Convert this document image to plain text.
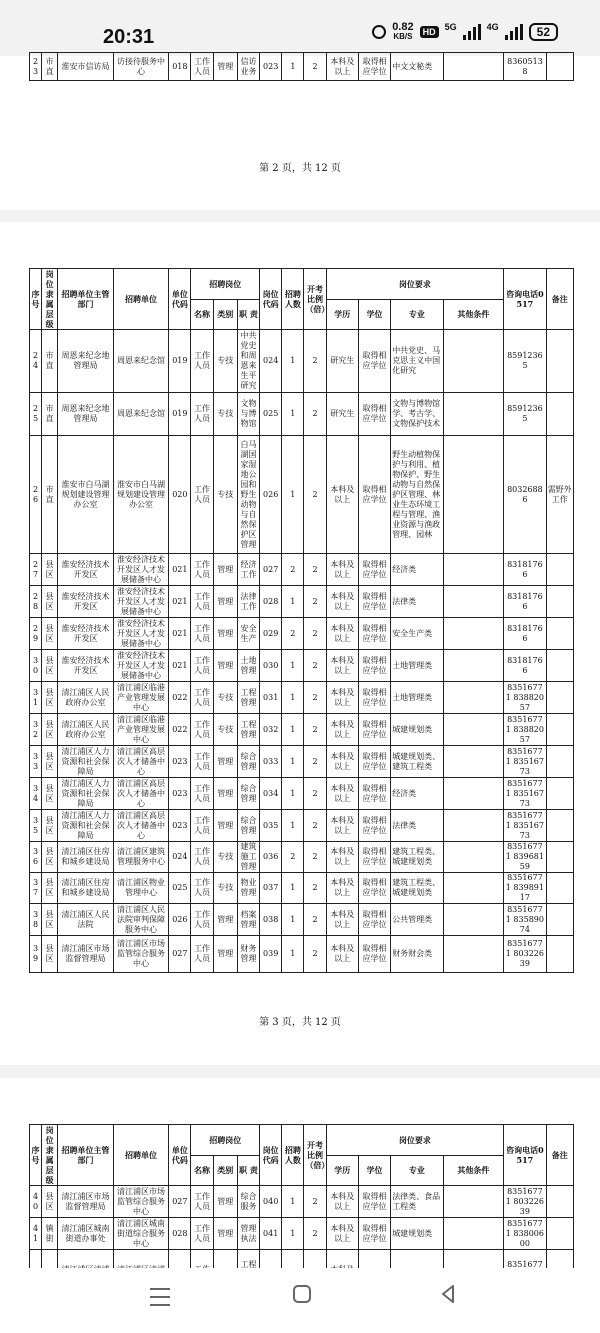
20:31	0.82
KB/S	HD	5G	4G	52
23	市直	淮安市信访局	访接待服务中心	018	工作人员	管理	信访业务	023	1	2	本科及以上	取得相应学位	中文文秘类		83605138	
第 2 页，共 12 页
序号	岗位隶属层级	招聘单位主管部门	招聘单位	单位代码	招聘岗位			岗位代码	招聘人数	开考比例（倍）	岗位要求				咨询电话0517	备注
					名称	类别	职 责				学历	学位	专业	其他条件		
24	市直	周恩来纪念地管理局	周恩来纪念馆	019	工作人员	专技	中共党史和周恩来生平研究	024	1	2	研究生	取得相应学位	中共党史、马克思主义中国化研究		85912365	
25	市直	周恩来纪念地管理局	周恩来纪念馆	019	工作人员	专技	文物与博物馆	025	1	2	研究生	取得相应学位	文物与博物馆学、考古学、文物保护技术		85912365	
26	市直	淮安市白马湖规划建设管理办公室	淮安市白马湖规划建设管理办公室	020	工作人员	专技	白马湖国家湿地公园和野生动物与自然保护区管理	026	1	2	本科及以上	取得相应学位	野生动植物保护与利用、植物保护、野生动物与自然保护区管理、林业生态环境工程与管理、渔业资源与渔政管理、园林		80326886	需野外工作
27	县区	淮安经济技术开发区	淮安经济技术开发区人才发展储备中心	021	工作人员	管理	经济工作	027	2	2	本科及以上	取得相应学位	经济类		83181766	
28	县区	淮安经济技术开发区	淮安经济技术开发区人才发展储备中心	021	工作人员	管理	法律工作	028	1	2	本科及以上	取得相应学位	法律类		83181766	
29	县区	淮安经济技术开发区	淮安经济技术开发区人才发展储备中心	021	工作人员	管理	安全生产	029	2	2	本科及以上	取得相应学位	安全生产类		83181766	
30	县区	淮安经济技术开发区	淮安经济技术开发区人才发展储备中心	021	工作人员	管理	土地管理	030	1	2	本科及以上	取得相应学位	土地管理类		83181766	
31	县区	清江浦区人民政府办公室	清江浦区临港产业管理发展中心	022	工作人员	专技	工程管理	031	1	2	本科及以上	取得相应学位	土地管理类		83516771 83882057	
32	县区	清江浦区人民政府办公室	清江浦区临港产业管理发展中心	022	工作人员	专技	工程管理	032	1	2	本科及以上	取得相应学位	城建规划类		83516771 83882057	
33	县区	清江浦区人力资源和社会保障局	清江浦区高层次人才储备中心	023	工作人员	管理	综合管理	033	1	2	本科及以上	取得相应学位	城建规划类、建筑工程类		83516771 83516773	
34	县区	清江浦区人力资源和社会保障局	清江浦区高层次人才储备中心	023	工作人员	管理	综合管理	034	1	2	本科及以上	取得相应学位	经济类		83516771 83516773	
35	县区	清江浦区人力资源和社会保障局	清江浦区高层次人才储备中心	023	工作人员	管理	综合管理	035	1	2	本科及以上	取得相应学位	法律类		83516771 83516773	
36	县区	清江浦区住房和城乡建设局	清江浦区建筑管理服务中心	024	工作人员	专技	建筑施工管理	036	2	2	本科及以上	取得相应学位	建筑工程类、城建规划类		83516771 83968159	
37	县区	清江浦区住房和城乡建设局	清江浦区物业管理中心	025	工作人员	专技	物业管理	037	1	2	本科及以上	取得相应学位	建筑工程类、城建规划类		83516771 83989117	
38	县区	清江浦区人民法院	清江浦区人民法院审判保障服务中心	026	工作人员	管理	档案管理	038	1	2	本科及以上	取得相应学位	公共管理类		83516771 83589074	
39	县区	清江浦区市场监督管理局	清江浦区市场监管综合服务中心	027	工作人员	管理	财务管理	039	1	2	本科及以上	取得相应学位	财务财会类		83516771 80322639	
第 3 页，共 12 页
序号	岗位隶属层级	招聘单位主管部门	招聘单位	单位代码	招聘岗位			岗位代码	招聘人数	开考比例（倍）	岗位要求				咨询电话0517	备注
					名称	类别	职 责				学历	学位	专业	其他条件		
40	县区	清江浦区市场监督管理局	清江浦区市场监管综合服务中心	027	工作人员	管理	综合服务	040	1	2	本科及以上	取得相应学位	法律类、食品工程类		83516771 80322639	
41	镇街	清江浦区城南街道办事处	清江浦区城南街道综合服务中心	028	工作人员	管理	管理执法	041	1	2	本科及以上	取得相应学位	城建规划类		83516771 83800600	
							工程								8351677	
